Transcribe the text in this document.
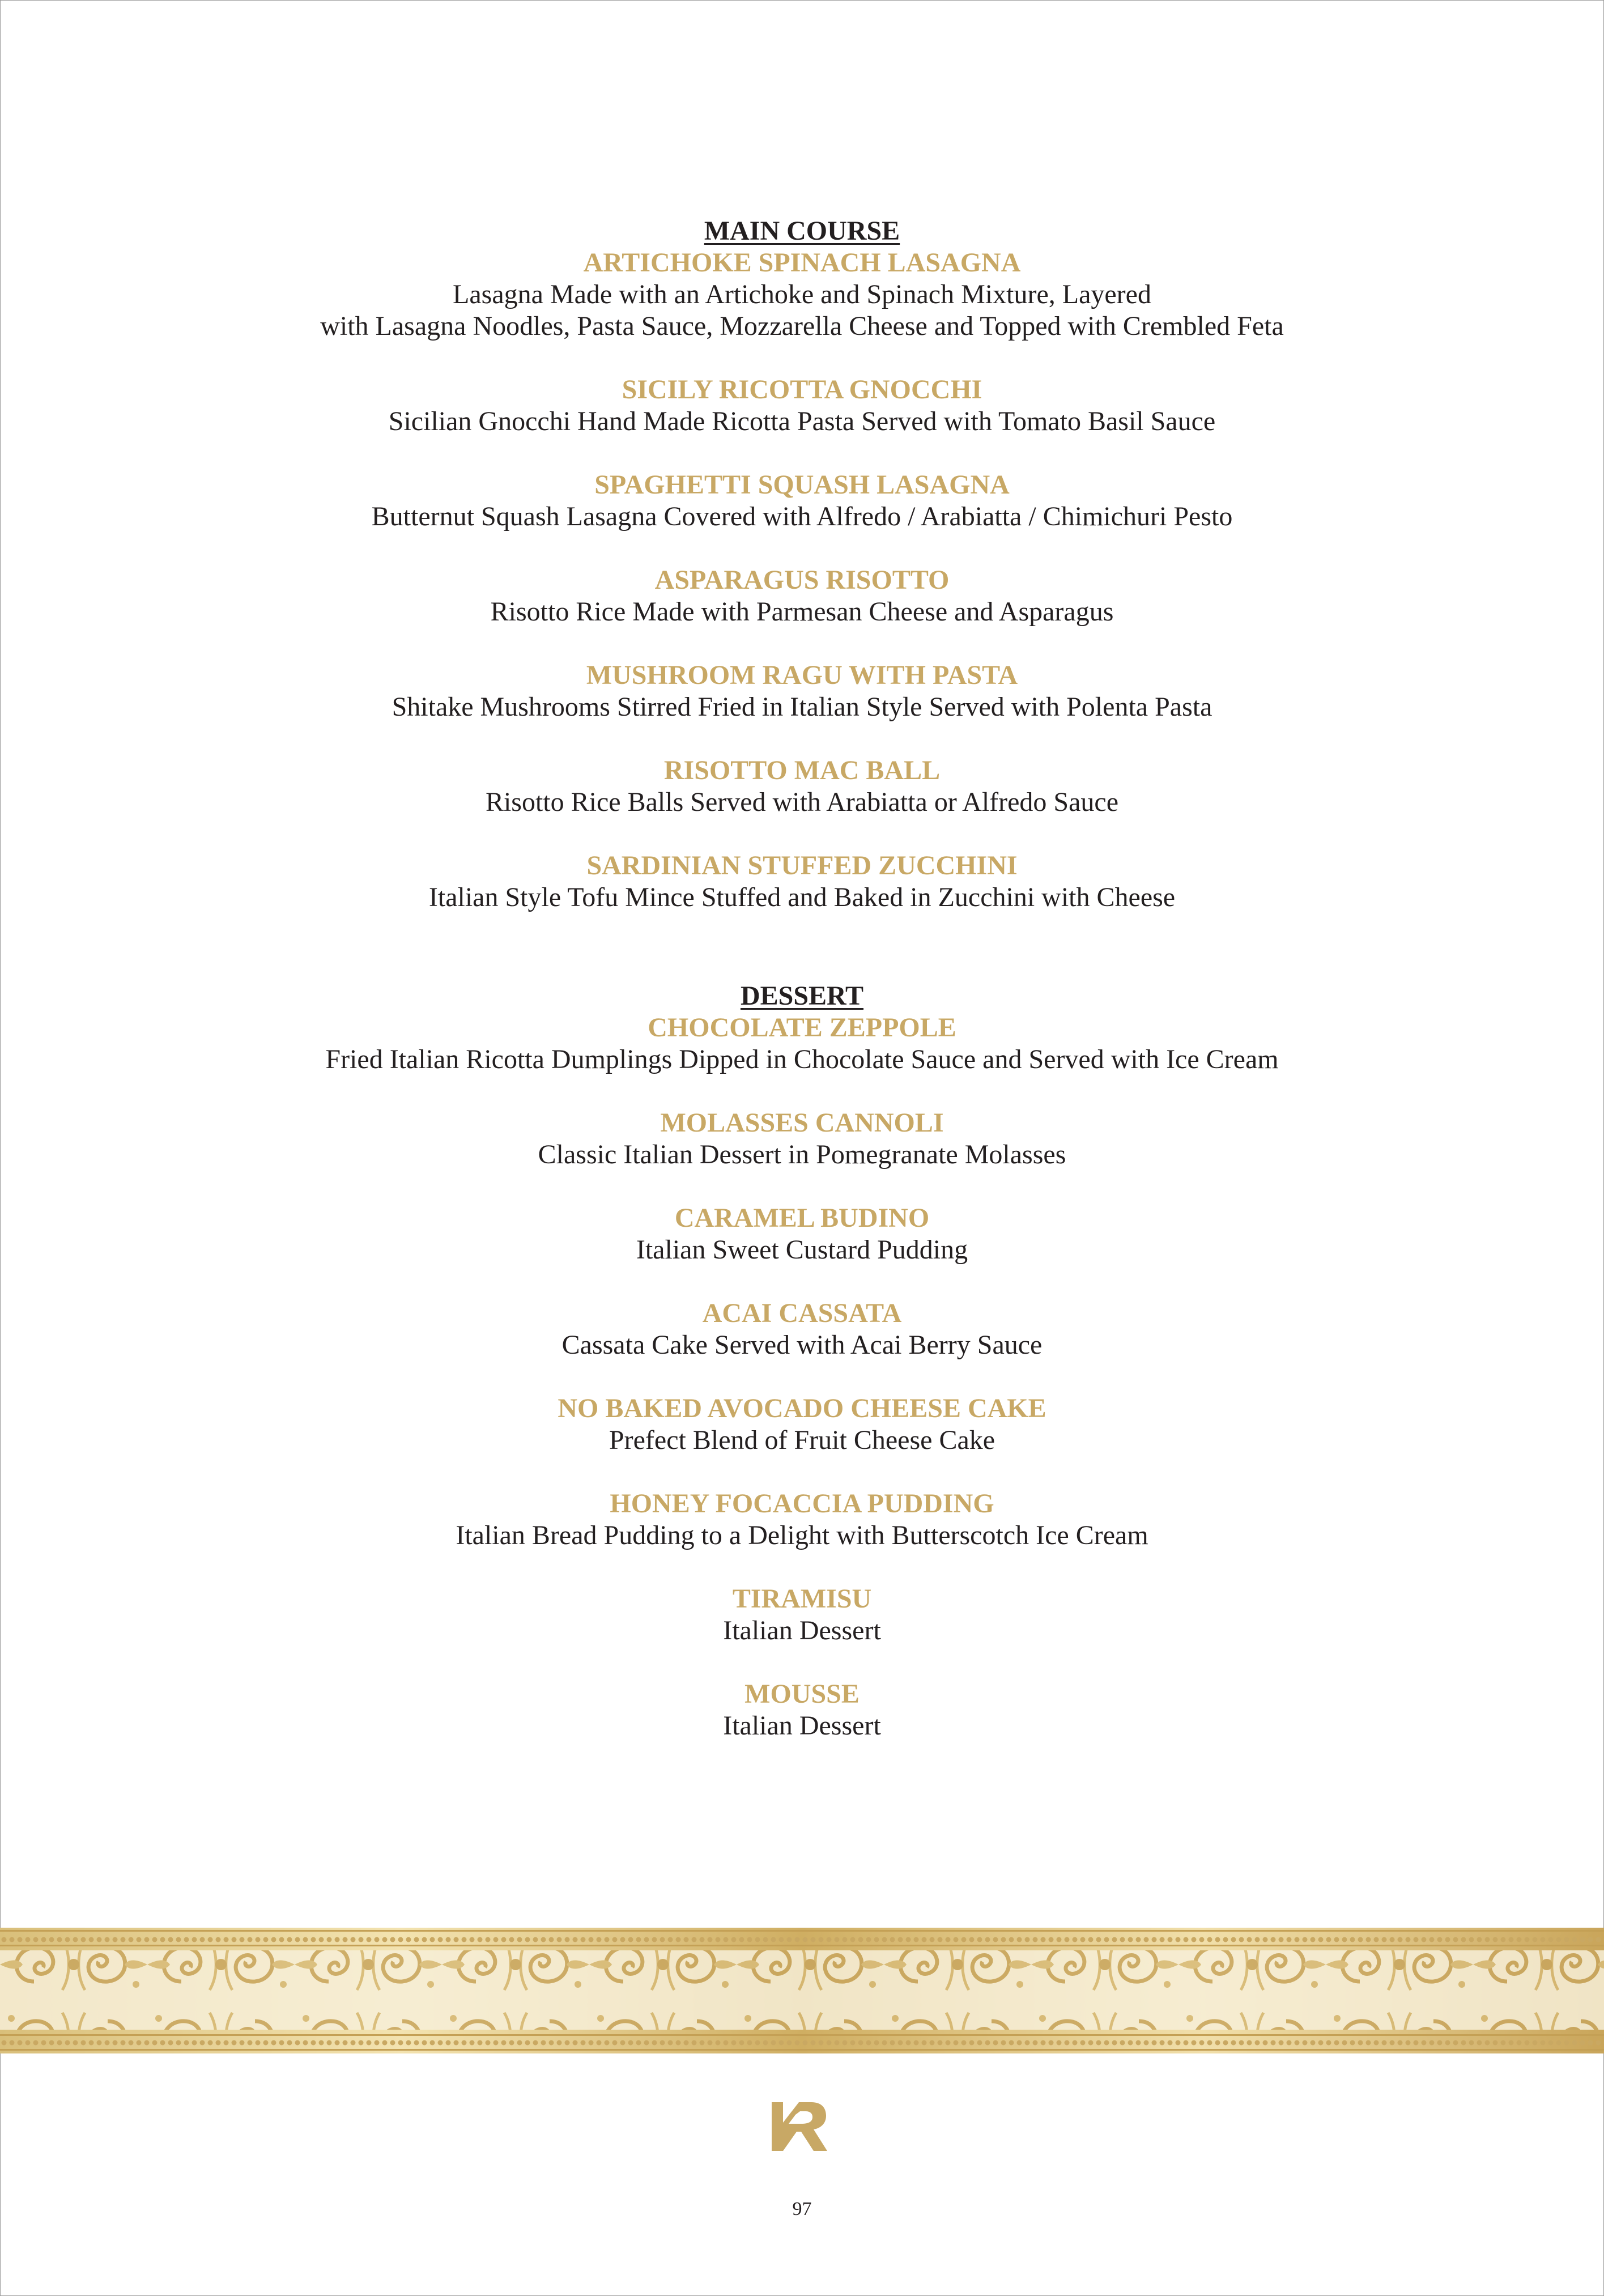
MAIN COURSE
ARTICHOKE SPINACH LASAGNA
Lasagna Made with an Artichoke and Spinach Mixture, Layered
with Lasagna Noodles, Pasta Sauce, Mozzarella Cheese and Topped with Crembled Feta
SICILY RICOTTA GNOCCHI
Sicilian Gnocchi Hand Made Ricotta Pasta Served with Tomato Basil Sauce
SPAGHETTI SQUASH LASAGNA
Butternut Squash Lasagna Covered with Alfredo / Arabiatta / Chimichuri Pesto
ASPARAGUS RISOTTO
Risotto Rice Made with Parmesan Cheese and Asparagus
MUSHROOM RAGU WITH PASTA
Shitake Mushrooms Stirred Fried in Italian Style Served with Polenta Pasta
RISOTTO MAC BALL
Risotto Rice Balls Served with Arabiatta or Alfredo Sauce
SARDINIAN STUFFED ZUCCHINI
Italian Style Tofu Mince Stuffed and Baked in Zucchini with Cheese
DESSERT
CHOCOLATE ZEPPOLE
Fried Italian Ricotta Dumplings Dipped in Chocolate Sauce and Served with Ice Cream
MOLASSES CANNOLI
Classic Italian Dessert in Pomegranate Molasses
CARAMEL BUDINO
Italian Sweet Custard Pudding
ACAI CASSATA
Cassata Cake Served with Acai Berry Sauce
NO BAKED AVOCADO CHEESE CAKE
Prefect Blend of Fruit Cheese Cake
HONEY FOCACCIA PUDDING
Italian Bread Pudding to a Delight with Butterscotch Ice Cream
TIRAMISU
Italian Dessert
MOUSSE
Italian Dessert
KR
97
